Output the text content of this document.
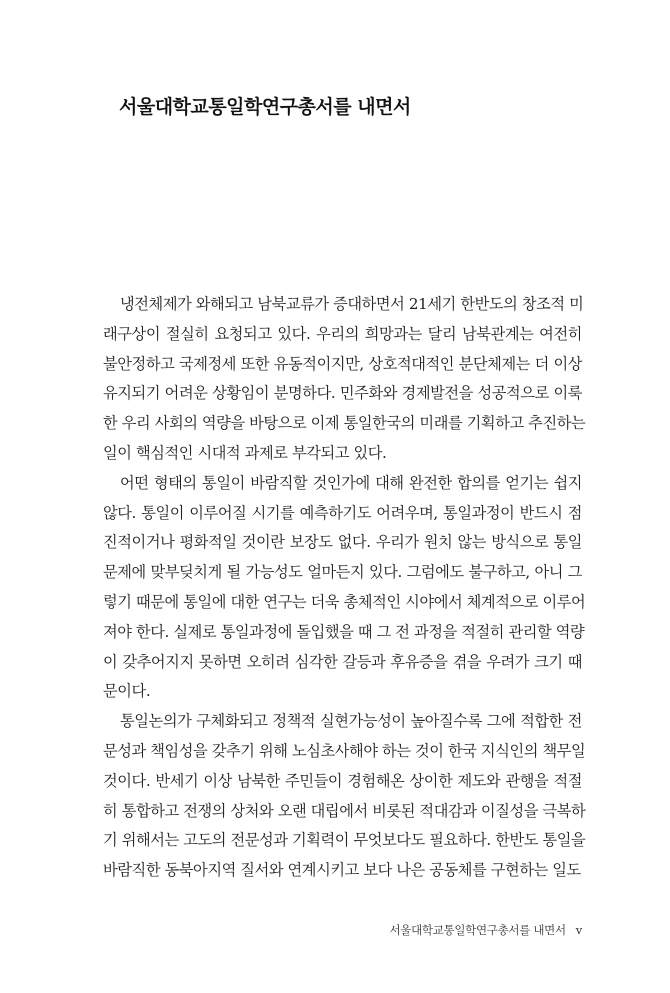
서울대학교통일학연구총서를 내면서
냉전체제가 와해되고 남북교류가 증대하면서 21세기 한반도의 창조적 미
래구상이 절실히 요청되고 있다. 우리의 희망과는 달리 남북관계는 여전히
불안정하고 국제정세 또한 유동적이지만, 상호적대적인 분단체제는 더 이상
유지되기 어려운 상황임이 분명하다. 민주화와 경제발전을 성공적으로 이룩
한 우리 사회의 역량을 바탕으로 이제 통일한국의 미래를 기획하고 추진하는
일이 핵심적인 시대적 과제로 부각되고 있다.
어떤 형태의 통일이 바람직할 것인가에 대해 완전한 합의를 얻기는 쉽지
않다. 통일이 이루어질 시기를 예측하기도 어려우며, 통일과정이 반드시 점
진적이거나 평화적일 것이란 보장도 없다. 우리가 원치 않는 방식으로 통일
문제에 맞부딪치게 될 가능성도 얼마든지 있다. 그럼에도 불구하고, 아니 그
렇기 때문에 통일에 대한 연구는 더욱 총체적인 시야에서 체계적으로 이루어
져야 한다. 실제로 통일과정에 돌입했을 때 그 전 과정을 적절히 관리할 역량
이 갖추어지지 못하면 오히려 심각한 갈등과 후유증을 겪을 우려가 크기 때
문이다.
통일논의가 구체화되고 정책적 실현가능성이 높아질수록 그에 적합한 전
문성과 책임성을 갖추기 위해 노심초사해야 하는 것이 한국 지식인의 책무일
것이다. 반세기 이상 남북한 주민들이 경험해온 상이한 제도와 관행을 적절
히 통합하고 전쟁의 상처와 오랜 대립에서 비롯된 적대감과 이질성을 극복하
기 위해서는 고도의 전문성과 기획력이 무엇보다도 필요하다. 한반도 통일을
바람직한 동북아지역 질서와 연계시키고 보다 나은 공동체를 구현하는 일도
서울대학교통일학연구총서를 내면서 v
